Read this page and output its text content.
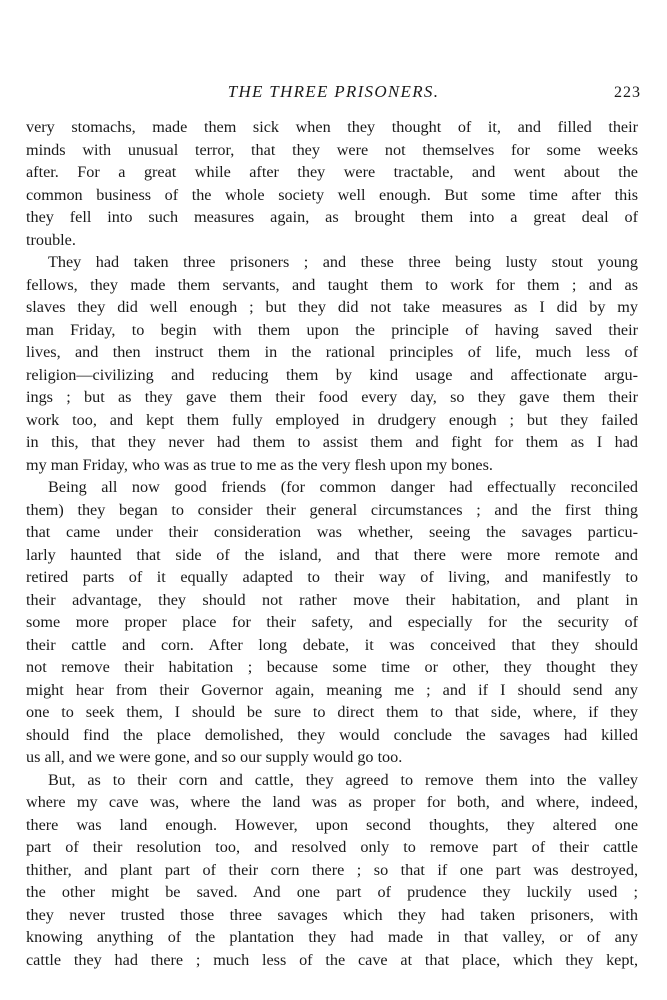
THE THREE PRISONERS.	223
very stomachs, made them sick when they thought of it, and filled their
minds with unusual terror, that they were not themselves for some weeks
after. For a great while after they were tractable, and went about the
common business of the whole society well enough. But some time after this
they fell into such measures again, as brought them into a great deal of
trouble.
They had taken three prisoners ; and these three being lusty stout young
fellows, they made them servants, and taught them to work for them ; and as
slaves they did well enough ; but they did not take measures as I did by my
man Friday, to begin with them upon the principle of having saved their
lives, and then instruct them in the rational principles of life, much less of
religion—civilizing and reducing them by kind usage and affectionate argu-
ings ; but as they gave them their food every day, so they gave them their
work too, and kept them fully employed in drudgery enough ; but they failed
in this, that they never had them to assist them and fight for them as I had
my man Friday, who was as true to me as the very flesh upon my bones.
Being all now good friends (for common danger had effectually reconciled
them) they began to consider their general circumstances ; and the first thing
that came under their consideration was whether, seeing the savages particu-
larly haunted that side of the island, and that there were more remote and
retired parts of it equally adapted to their way of living, and manifestly to
their advantage, they should not rather move their habitation, and plant in
some more proper place for their safety, and especially for the security of
their cattle and corn. After long debate, it was conceived that they should
not remove their habitation ; because some time or other, they thought they
might hear from their Governor again, meaning me ; and if I should send any
one to seek them, I should be sure to direct them to that side, where, if they
should find the place demolished, they would conclude the savages had killed
us all, and we were gone, and so our supply would go too.
But, as to their corn and cattle, they agreed to remove them into the valley
where my cave was, where the land was as proper for both, and where, indeed,
there was land enough. However, upon second thoughts, they altered one
part of their resolution too, and resolved only to remove part of their cattle
thither, and plant part of their corn there ; so that if one part was destroyed,
the other might be saved. And one part of prudence they luckily used ;
they never trusted those three savages which they had taken prisoners, with
knowing anything of the plantation they had made in that valley, or of any
cattle they had there ; much less of the cave at that place, which they kept,
